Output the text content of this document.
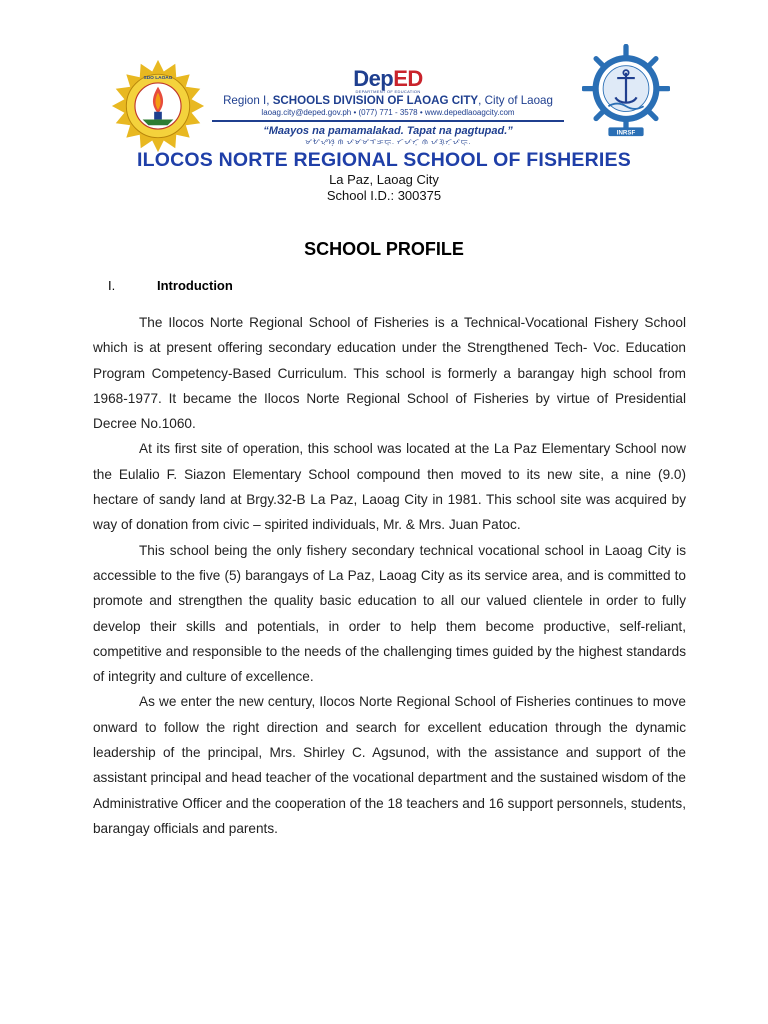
SDO LAOAG	DepED
DEPARTMENT OF EDUCATION
Region I, SCHOOLS DIVISION OF LAOAG CITY, City of Laoag
laoag.city@deped.gov.ph • (077) 771 - 3578 • www.depedlaoagcity.com
“Maayos na pamamalakad. Tapat na pagtupad.”
ᜋᜀᜌᜓᜐ᜔ ᜈ ᜉᜋᜋᜎᜃᜇ᜔. ᜆᜉᜆ᜔ ᜈ ᜉᜄ᜔ᜆᜓᜉᜇ᜔.
INRSF
ILOCOS NORTE REGIONAL SCHOOL OF FISHERIES
La Paz, Laoag City
School I.D.: 300375
SCHOOL PROFILE
I.	Introduction

The Ilocos Norte Regional School of Fisheries is a Technical-Vocational Fishery School which is at present offering secondary education under the Strengthened Tech- Voc. Education Program Competency-Based Curriculum. This school is formerly a barangay high school from 1968-1977. It became the Ilocos Norte Regional School of Fisheries by virtue of Presidential Decree No.1060.

At its first site of operation, this school was located at the La Paz Elementary School now the Eulalio F. Siazon Elementary School compound then moved to its new site, a nine (9.0) hectare of sandy land at Brgy.32-B La Paz, Laoag City in 1981. This school site was acquired by way of donation from civic – spirited individuals, Mr. & Mrs. Juan Patoc.

This school being the only fishery secondary technical vocational school in Laoag City is accessible to the five (5) barangays of La Paz, Laoag City as its service area, and is committed to promote and strengthen the quality basic education to all our valued clientele in order to fully develop their skills and potentials, in order to help them become productive, self-reliant, competitive and responsible to the needs of the challenging times guided by the highest standards of integrity and culture of excellence.

As we enter the new century, Ilocos Norte Regional School of Fisheries continues to move onward to follow the right direction and search for excellent education through the dynamic leadership of the principal, Mrs. Shirley C. Agsunod, with the assistance and support of the assistant principal and head teacher of the vocational department and the sustained wisdom of the Administrative Officer and the cooperation of the 18 teachers and 16 support personnels, students, barangay officials and parents.
